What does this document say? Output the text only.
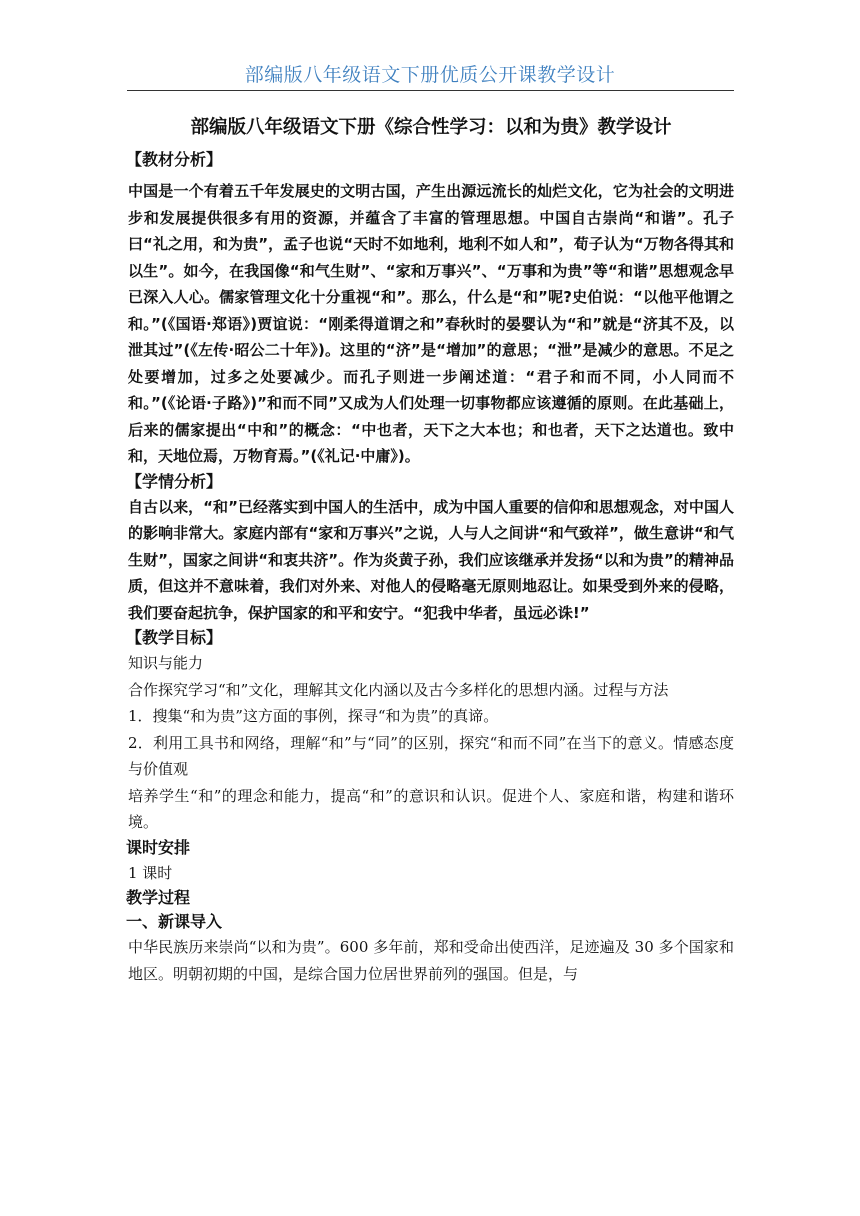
部编版八年级语文下册优质公开课教学设计
部编版八年级语文下册《综合性学习：以和为贵》教学设计
【教材分析】
中国是一个有着五千年发展史的文明古国，产生出源远流长的灿烂文化，它为社会的文明进步和发展提供很多有用的资源，并蕴含了丰富的管理思想。中国自古崇尚“和谐”。孔子曰“礼之用，和为贵”，孟子也说“天时不如地利，地利不如人和”，荀子认为“万物各得其和以生”。如今，在我国像“和气生财”、“家和万事兴”、“万事和为贵”等“和谐”思想观念早已深入人心。儒家管理文化十分重视“和”。那么，什么是“和”呢?史伯说：“以他平他谓之和。”(《国语·郑语》)贾谊说：“刚柔得道谓之和”春秋时的晏婴认为“和”就是“济其不及，以泄其过”(《左传·昭公二十年》)。这里的“济”是“增加”的意思；“泄”是减少的意思。不足之处要增加，过多之处要减少。而孔子则进一步阐述道：“君子和而不同，小人同而不和。”(《论语·子路》)”和而不同”又成为人们处理一切事物都应该遵循的原则。在此基础上，后来的儒家提出“中和”的概念：“中也者，天下之大本也；和也者，天下之达道也。致中和，天地位焉，万物育焉。”(《礼记·中庸》)。
【学情分析】
自古以来，“和”已经落实到中国人的生活中，成为中国人重要的信仰和思想观念，对中国人的影响非常大。家庭内部有“家和万事兴”之说，人与人之间讲“和气致祥”，做生意讲“和气生财”，国家之间讲“和衷共济”。作为炎黄子孙，我们应该继承并发扬“以和为贵”的精神品质，但这并不意味着，我们对外来、对他人的侵略毫无原则地忍让。如果受到外来的侵略，我们要奋起抗争，保护国家的和平和安宁。“犯我中华者，虽远必诛!”
【教学目标】
知识与能力
合作探究学习“和”文化，理解其文化内涵以及古今多样化的思想内涵。过程与方法
1．搜集“和为贵”这方面的事例，探寻“和为贵”的真谛。
2．利用工具书和网络，理解“和”与“同”的区别，探究“和而不同”在当下的意义。情感态度与价值观
培养学生“和”的理念和能力，提高“和”的意识和认识。促进个人、家庭和谐，构建和谐环境。
课时安排
1 课时
教学过程
一、新课导入
中华民族历来崇尚“以和为贵”。600 多年前，郑和受命出使西洋，足迹遍及 30 多个国家和地区。明朝初期的中国，是综合国力位居世界前列的强国。但是，与
